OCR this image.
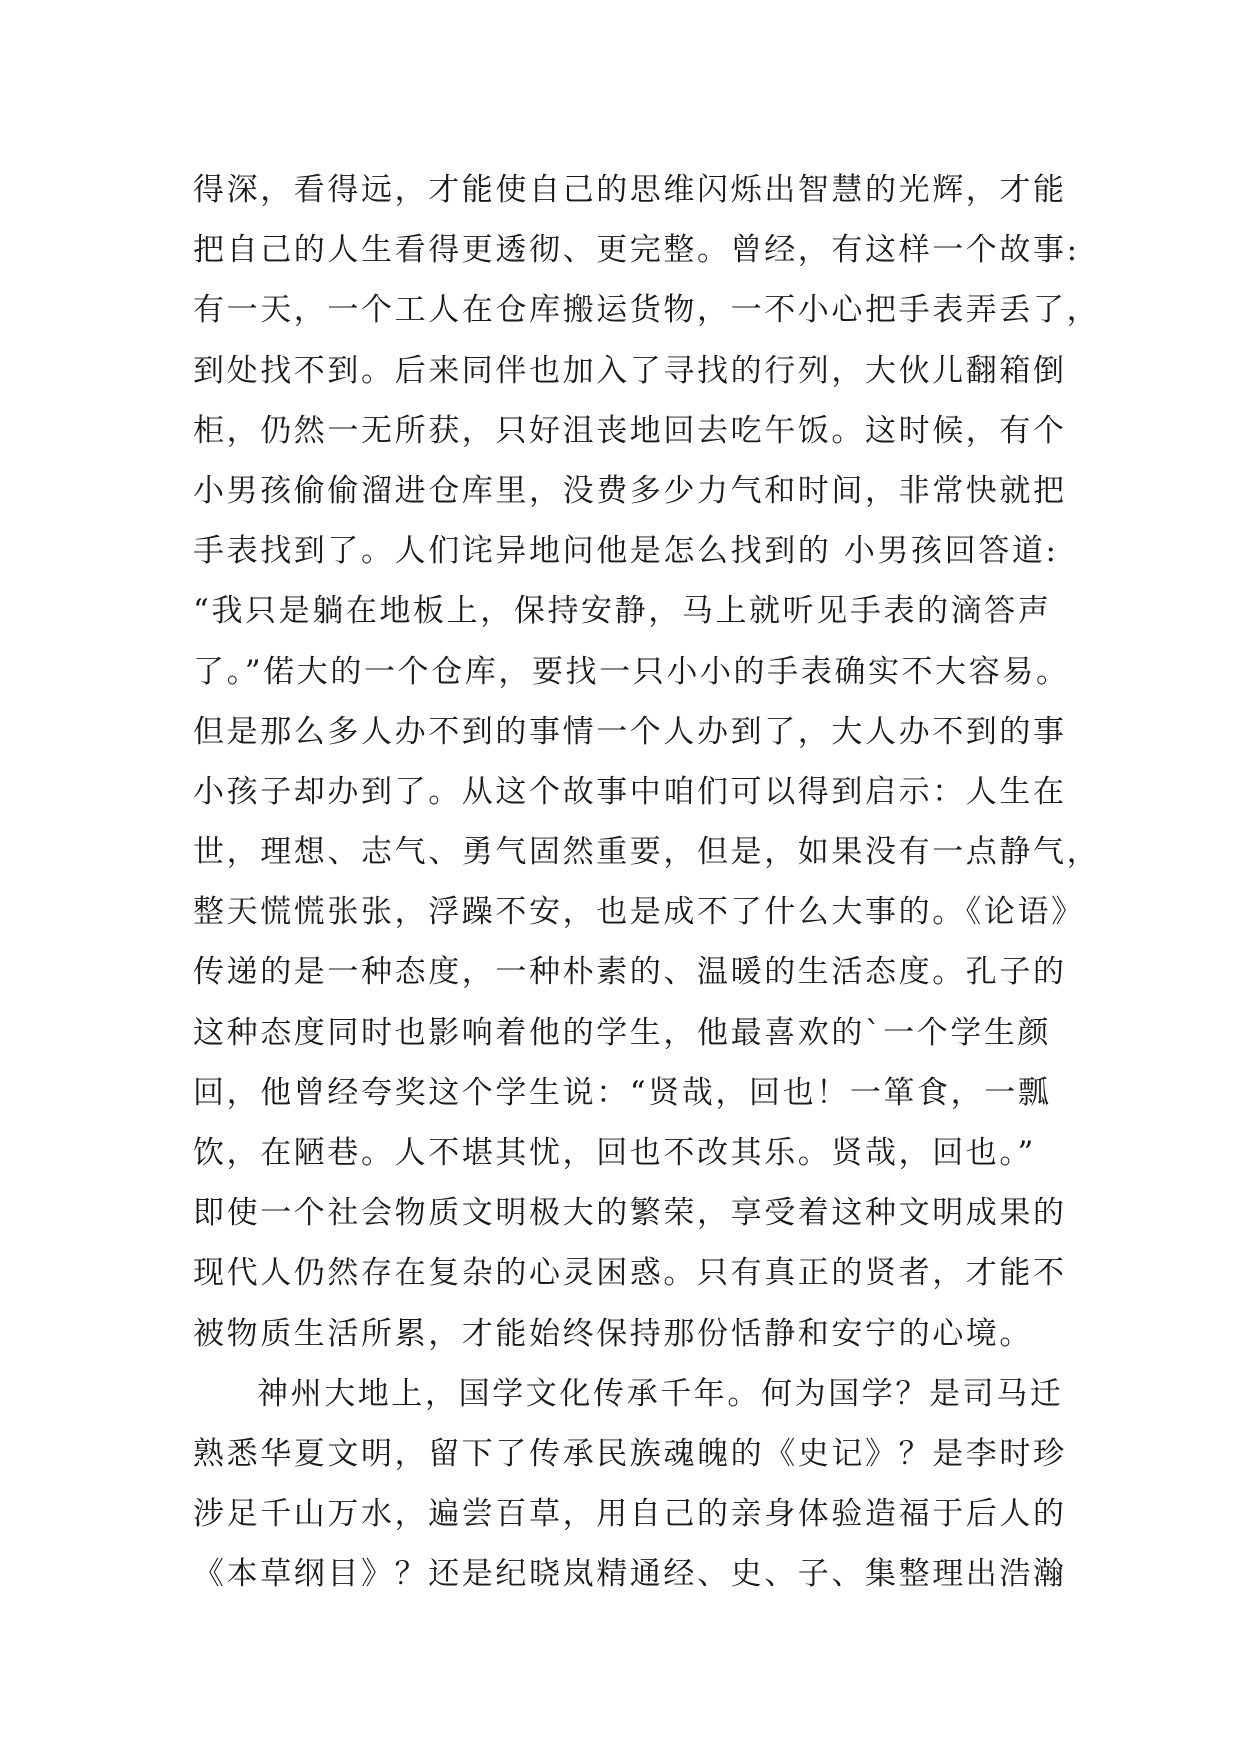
得深，看得远，才能使自己的思维闪烁出智慧的光辉，才能
把自己的人生看得更透彻、更完整。曾经，有这样一个故事:
有一天，一个工人在仓库搬运货物，一不小心把手表弄丢了，
到处找不到。后来同伴也加入了寻找的行列，大伙儿翻箱倒
柜，仍然一无所获，只好沮丧地回去吃午饭。这时候，有个
小男孩偷偷溜进仓库里，没费多少力气和时间，非常快就把
手表找到了。人们诧异地问他是怎么找到的 小男孩回答道:
“我只是躺在地板上，保持安静，马上就听见手表的滴答声
了。”偌大的一个仓库，要找一只小小的手表确实不大容易。
但是那么多人办不到的事情一个人办到了，大人办不到的事
小孩子却办到了。从这个故事中咱们可以得到启示：人生在
世，理想、志气、勇气固然重要，但是，如果没有一点静气，
整天慌慌张张，浮躁不安，也是成不了什么大事的。《论语》
传递的是一种态度，一种朴素的、温暖的生活态度。孔子的
这种态度同时也影响着他的学生，他最喜欢的`一个学生颜
回，他曾经夸奖这个学生说：“贤哉，回也！一箪食，一瓢
饮，在陋巷。人不堪其忧，回也不改其乐。贤哉，回也。”
即使一个社会物质文明极大的繁荣，享受着这种文明成果的
现代人仍然存在复杂的心灵困惑。只有真正的贤者，才能不
被物质生活所累，才能始终保持那份恬静和安宁的心境。
神州大地上，国学文化传承千年。何为国学？是司马迁
熟悉华夏文明，留下了传承民族魂魄的《史记》？是李时珍
涉足千山万水，遍尝百草，用自己的亲身体验造福于后人的
《本草纲目》？还是纪晓岚精通经、史、子、集整理出浩瀚
